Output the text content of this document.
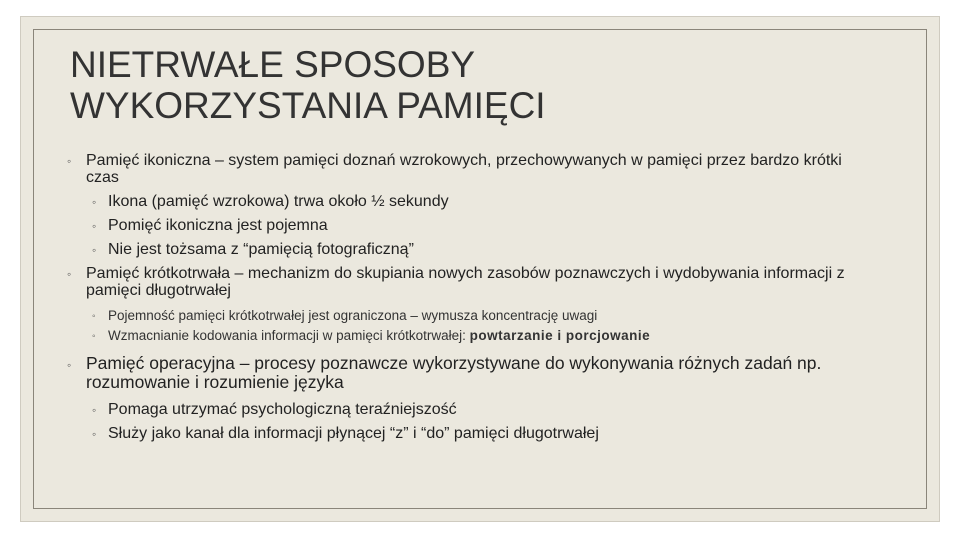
NIETRWAŁE SPOSOBY
WYKORZYSTANIA PAMIĘCI
◦ Pamięć ikoniczna – system pamięci doznań wzrokowych, przechowywanych w pamięci przez bardzo krótki czas
◦ Ikona (pamięć wzrokowa) trwa około ½ sekundy
◦ Pomięć ikoniczna jest pojemna
◦ Nie jest tożsama z “pamięcią fotograficzną”
◦ Pamięć krótkotrwała – mechanizm do skupiania nowych zasobów poznawczych i wydobywania informacji z pamięci długotrwałej
◦ Pojemność pamięci krótkotrwałej jest ograniczona – wymusza koncentrację uwagi
◦ Wzmacnianie kodowania informacji w pamięci krótkotrwałej: powtarzanie i porcjowanie
◦ Pamięć operacyjna – procesy poznawcze wykorzystywane do wykonywania różnych zadań np. rozumowanie i rozumienie języka
◦ Pomaga utrzymać psychologiczną teraźniejszość
◦ Służy jako kanał dla informacji płynącej “z” i “do” pamięci długotrwałej
